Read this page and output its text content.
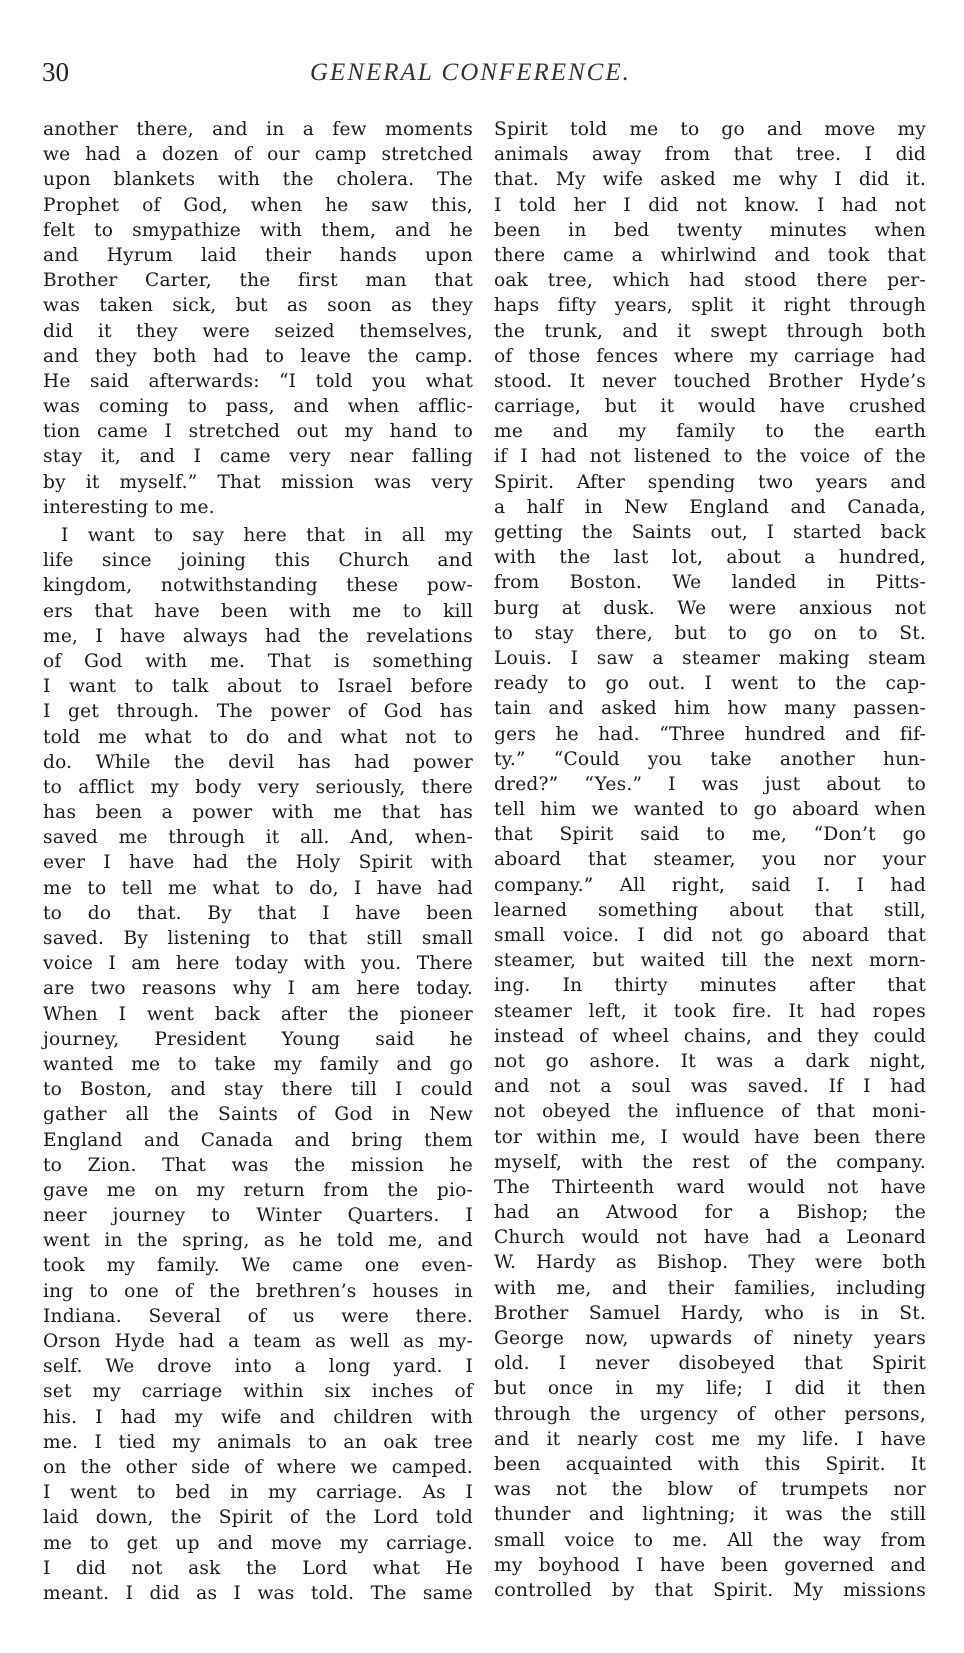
30	GENERAL CONFERENCE.
another there, and in a few moments
we had a dozen of our camp stretched
upon blankets with the cholera. The
Prophet of God, when he saw this,
felt to smypathize with them, and he
and Hyrum laid their hands upon
Brother Carter, the first man that
was taken sick, but as soon as they
did it they were seized themselves,
and they both had to leave the camp.
He said afterwards: “I told you what
was coming to pass, and when afflic-
tion came I stretched out my hand to
stay it, and I came very near falling
by it myself.” That mission was very
interesting to me.
I want to say here that in all my
life since joining this Church and
kingdom, notwithstanding these pow-
ers that have been with me to kill
me, I have always had the revelations
of God with me. That is something
I want to talk about to Israel before
I get through. The power of God has
told me what to do and what not to
do. While the devil has had power
to afflict my body very seriously, there
has been a power with me that has
saved me through it all. And, when-
ever I have had the Holy Spirit with
me to tell me what to do, I have had
to do that. By that I have been
saved. By listening to that still small
voice I am here today with you. There
are two reasons why I am here today.
When I went back after the pioneer
journey, President Young said he
wanted me to take my family and go
to Boston, and stay there till I could
gather all the Saints of God in New
England and Canada and bring them
to Zion. That was the mission he
gave me on my return from the pio-
neer journey to Winter Quarters. I
went in the spring, as he told me, and
took my family. We came one even-
ing to one of the brethren’s houses in
Indiana. Several of us were there.
Orson Hyde had a team as well as my-
self. We drove into a long yard. I
set my carriage within six inches of
his. I had my wife and children with
me. I tied my animals to an oak tree
on the other side of where we camped.
I went to bed in my carriage. As I
laid down, the Spirit of the Lord told
me to get up and move my carriage.
I did not ask the Lord what He
meant. I did as I was told. The same
Spirit told me to go and move my
animals away from that tree. I did
that. My wife asked me why I did it.
I told her I did not know. I had not
been in bed twenty minutes when
there came a whirlwind and took that
oak tree, which had stood there per-
haps fifty years, split it right through
the trunk, and it swept through both
of those fences where my carriage had
stood. It never touched Brother Hyde’s
carriage, but it would have crushed
me and my family to the earth
if I had not listened to the voice of the
Spirit. After spending two years and
a half in New England and Canada,
getting the Saints out, I started back
with the last lot, about a hundred,
from Boston. We landed in Pitts-
burg at dusk. We were anxious not
to stay there, but to go on to St.
Louis. I saw a steamer making steam
ready to go out. I went to the cap-
tain and asked him how many passen-
gers he had. “Three hundred and fif-
ty.” “Could you take another hun-
dred?” “Yes.” I was just about to
tell him we wanted to go aboard when
that Spirit said to me, “Don’t go
aboard that steamer, you nor your
company.” All right, said I. I had
learned something about that still,
small voice. I did not go aboard that
steamer, but waited till the next morn-
ing. In thirty minutes after that
steamer left, it took fire. It had ropes
instead of wheel chains, and they could
not go ashore. It was a dark night,
and not a soul was saved. If I had
not obeyed the influence of that moni-
tor within me, I would have been there
myself, with the rest of the company.
The Thirteenth ward would not have
had an Atwood for a Bishop; the
Church would not have had a Leonard
W. Hardy as Bishop. They were both
with me, and their families, including
Brother Samuel Hardy, who is in St.
George now, upwards of ninety years
old. I never disobeyed that Spirit
but once in my life; I did it then
through the urgency of other persons,
and it nearly cost me my life. I have
been acquainted with this Spirit. It
was not the blow of trumpets nor
thunder and lightning; it was the still
small voice to me. All the way from
my boyhood I have been governed and
controlled by that Spirit. My missions
